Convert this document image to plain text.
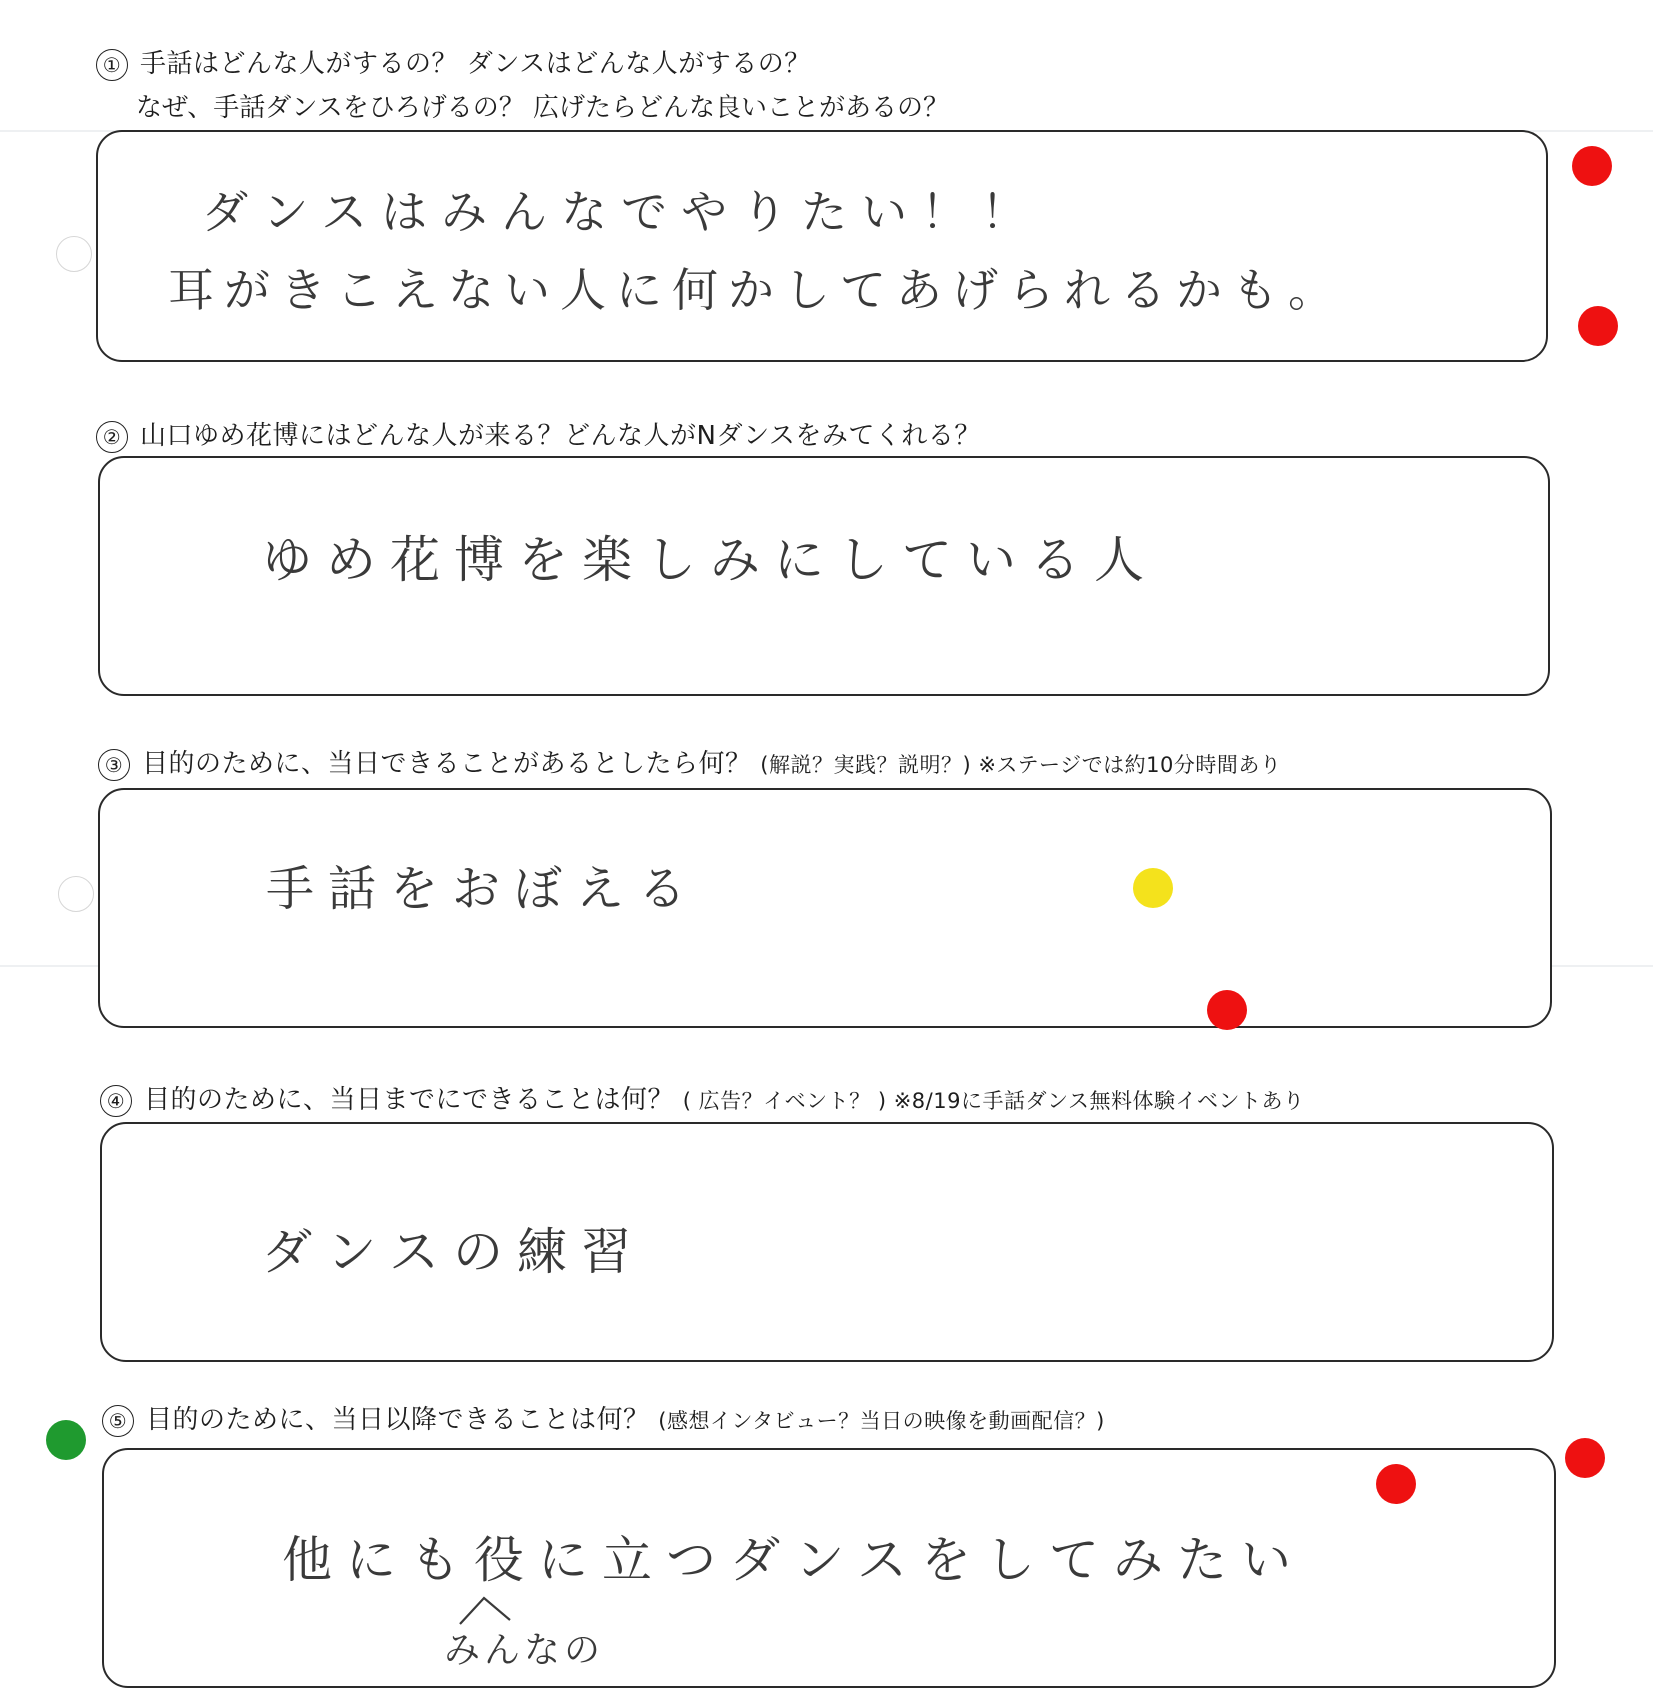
① 手話はどんな人がするの？ ダンスはどんな人がするの？
なぜ、手話ダンスをひろげるの？ 広げたらどんな良いことがあるの？
ダンスはみんなでやりたい！！
耳がきこえない人に何かしてあげられるかも。
② 山口ゆめ花博にはどんな人が来る？どんな人がNダンスをみてくれる？
ゆめ花博を楽しみにしている人
③ 目的のために、当日できることがあるとしたら何？ (解説？実践？説明？) ※ステージでは約10分時間あり
手話をおぼえる
④ 目的のために、当日までにできることは何？ ( 広告？イベント？ ) ※8/19に手話ダンス無料体験イベントあり
ダンスの練習
⑤ 目的のために、当日以降できることは何？ (感想インタビュー？当日の映像を動画配信？)
他にも役に立つダンスをしてみたい
みんなの
